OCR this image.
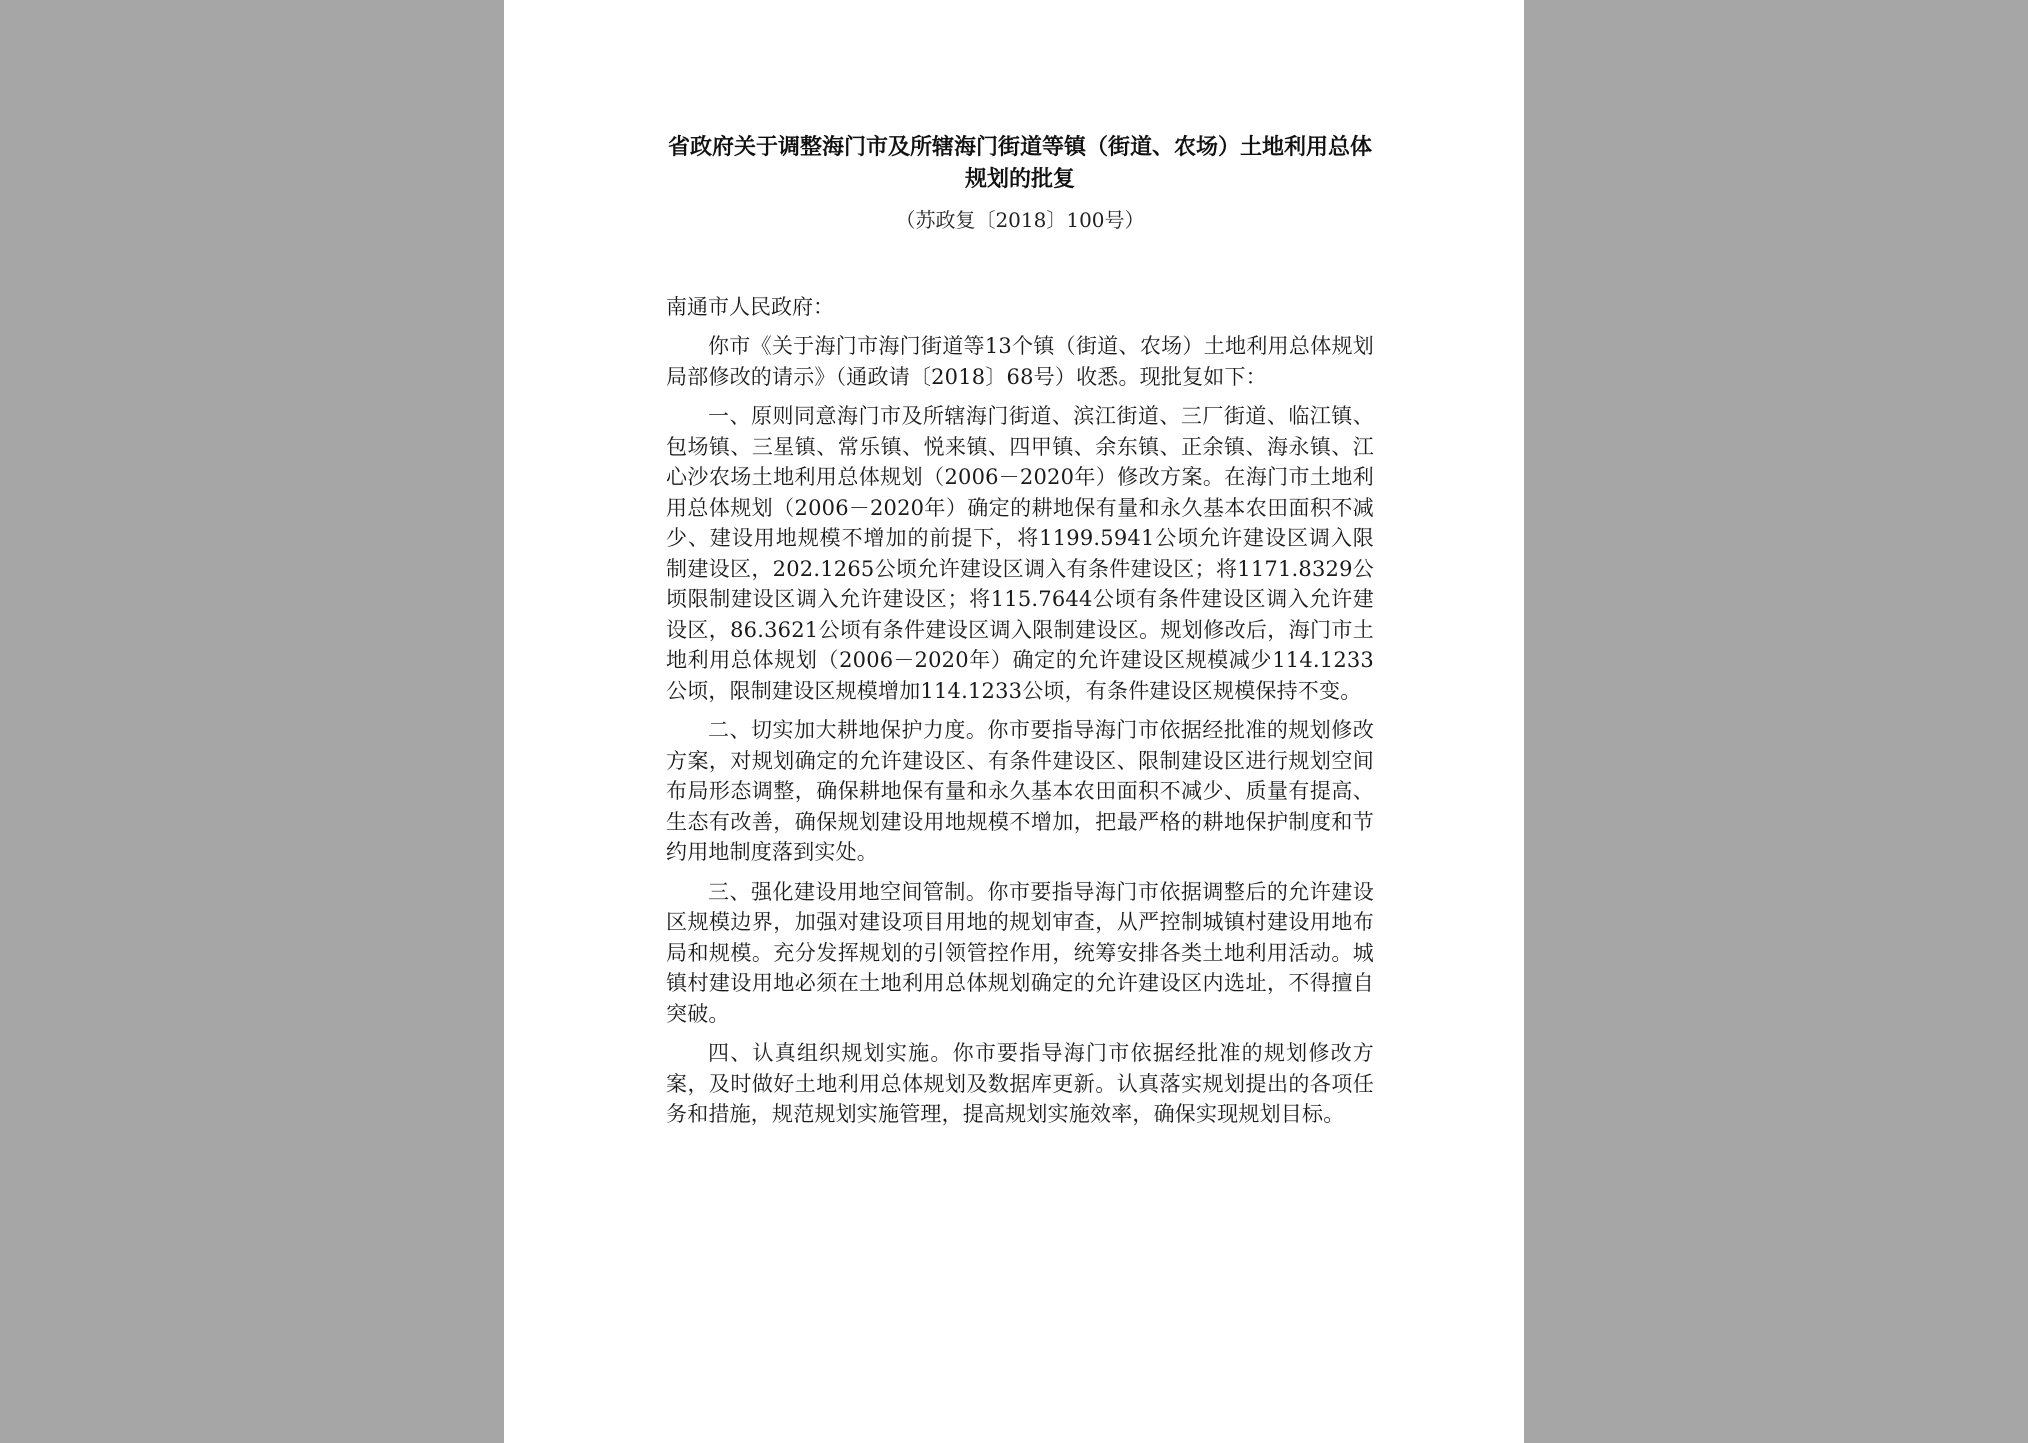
省政府关于调整海门市及所辖海门街道等镇（街道、农场）土地利用总体规划的批复

（苏政复〔2018〕100号）

南通市人民政府：

你市《关于海门市海门街道等13个镇（街道、农场）土地利用总体规划局部修改的请示》（通政请〔2018〕68号）收悉。现批复如下：

一、原则同意海门市及所辖海门街道、滨江街道、三厂街道、临江镇、包场镇、三星镇、常乐镇、悦来镇、四甲镇、余东镇、正余镇、海永镇、江心沙农场土地利用总体规划（2006－2020年）修改方案。在海门市土地利用总体规划（2006－2020年）确定的耕地保有量和永久基本农田面积不减少、建设用地规模不增加的前提下，将1199.5941公顷允许建设区调入限制建设区，202.1265公顷允许建设区调入有条件建设区；将1171.8329公顷限制建设区调入允许建设区；将115.7644公顷有条件建设区调入允许建设区，86.3621公顷有条件建设区调入限制建设区。规划修改后，海门市土地利用总体规划（2006－2020年）确定的允许建设区规模减少114.1233公顷，限制建设区规模增加114.1233公顷，有条件建设区规模保持不变。

二、切实加大耕地保护力度。你市要指导海门市依据经批准的规划修改方案，对规划确定的允许建设区、有条件建设区、限制建设区进行规划空间布局形态调整，确保耕地保有量和永久基本农田面积不减少、质量有提高、生态有改善，确保规划建设用地规模不增加，把最严格的耕地保护制度和节约用地制度落到实处。

三、强化建设用地空间管制。你市要指导海门市依据调整后的允许建设区规模边界，加强对建设项目用地的规划审查，从严控制城镇村建设用地布局和规模。充分发挥规划的引领管控作用，统筹安排各类土地利用活动。城镇村建设用地必须在土地利用总体规划确定的允许建设区内选址，不得擅自突破。

四、认真组织规划实施。你市要指导海门市依据经批准的规划修改方案，及时做好土地利用总体规划及数据库更新。认真落实规划提出的各项任务和措施，规范规划实施管理，提高规划实施效率，确保实现规划目标。
